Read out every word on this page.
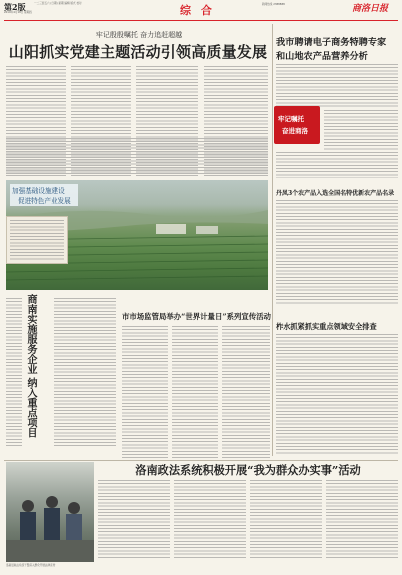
第2版	一二三四五六 (日期) 星期 编辑 版式 校对
2019年4月18日 星期四	综 合	新闻热线 2388888	商洛日报
牢记殷殷嘱托 奋力追赶超越
山阳抓实党建主题活动引领高质量发展
加强基础设施建设
促进特色产业发展
商南实施服务企业 纳入重点项目	市市场监管局举办“世界计量日”系列宣传活动
我市聘请电子商务特聘专家
和山地农产品营养分析
牢记嘱托
奋进商洛
丹凤3个农产品入选全国名特优新农产品名录
柞水抓紧抓实重点领域安全排查
洛南政法系统积极开展“我为群众办实事”活动
洛南县政法系统干警深入群众开展法律宣传
